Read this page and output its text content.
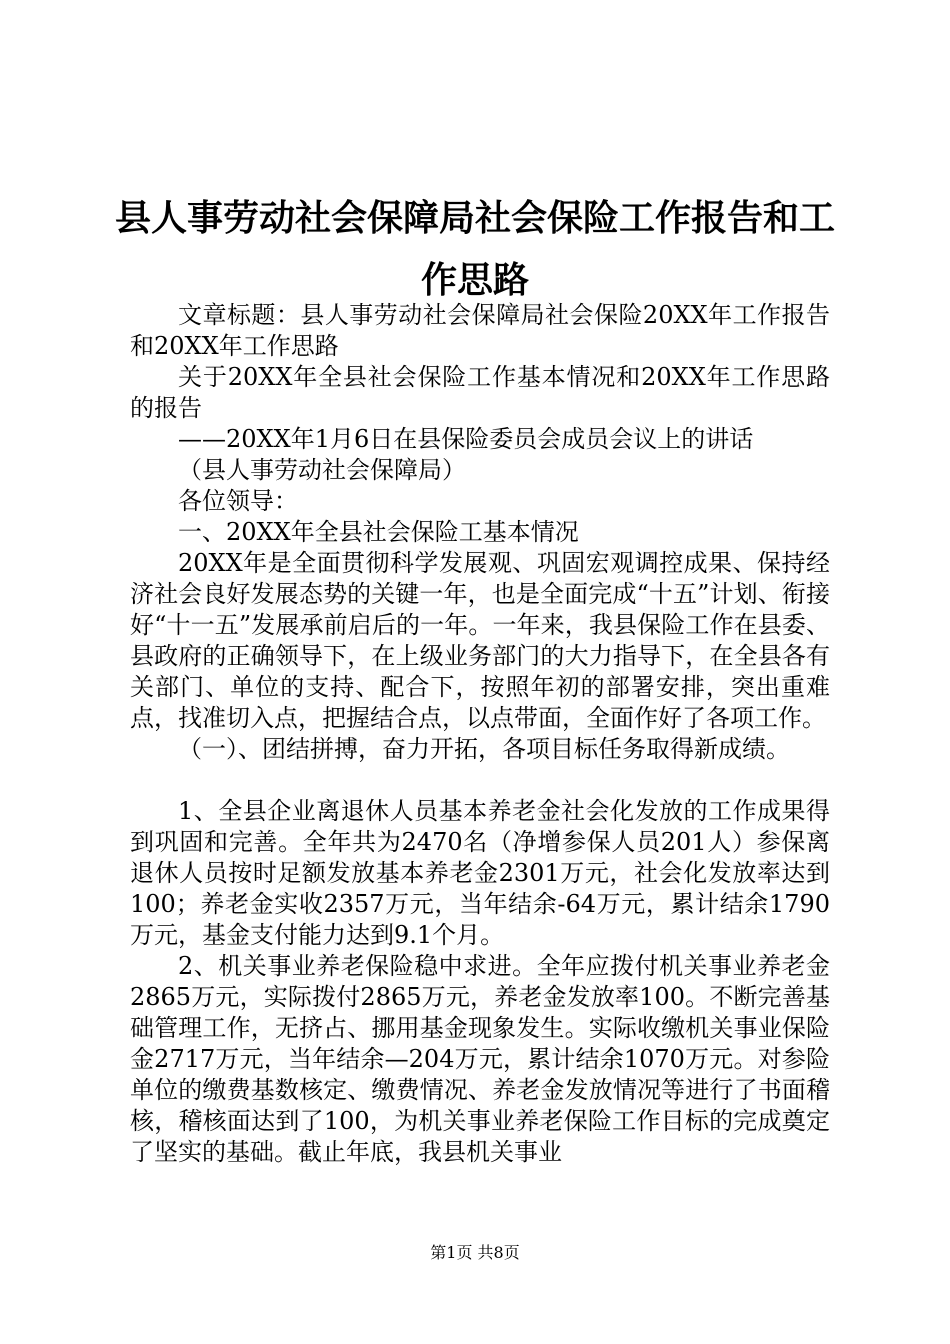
县人事劳动社会保障局社会保险工作报告和工作思路

文章标题：县人事劳动社会保障局社会保险20XX年工作报告和20XX年工作思路

关于20XX年全县社会保险工作基本情况和20XX年工作思路的报告

——20XX年1月6日在县保险委员会成员会议上的讲话

（县人事劳动社会保障局）

各位领导：

一、20XX年全县社会保险工基本情况

20XX年是全面贯彻科学发展观、巩固宏观调控成果、保持经济社会良好发展态势的关键一年，也是全面完成“十五”计划、衔接好“十一五”发展承前启后的一年。一年来，我县保险工作在县委、县政府的正确领导下，在上级业务部门的大力指导下，在全县各有关部门、单位的支持、配合下，按照年初的部署安排，突出重难点，找准切入点，把握结合点，以点带面，全面作好了各项工作。

（一）、团结拼搏，奋力开拓，各项目标任务取得新成绩。

1、全县企业离退休人员基本养老金社会化发放的工作成果得到巩固和完善。全年共为2470名（净增参保人员201人）参保离退休人员按时足额发放基本养老金2301万元，社会化发放率达到100；养老金实收2357万元，当年结余-64万元，累计结余1790万元，基金支付能力达到9.1个月。

2、机关事业养老保险稳中求进。全年应拨付机关事业养老金2865万元，实际拨付2865万元，养老金发放率100。不断完善基础管理工作，无挤占、挪用基金现象发生。实际收缴机关事业保险金2717万元，当年结余—204万元，累计结余1070万元。对参险单位的缴费基数核定、缴费情况、养老金发放情况等进行了书面稽核，稽核面达到了100，为机关事业养老保险工作目标的完成奠定了坚实的基础。截止年底，我县机关事业

第1页 共8页
